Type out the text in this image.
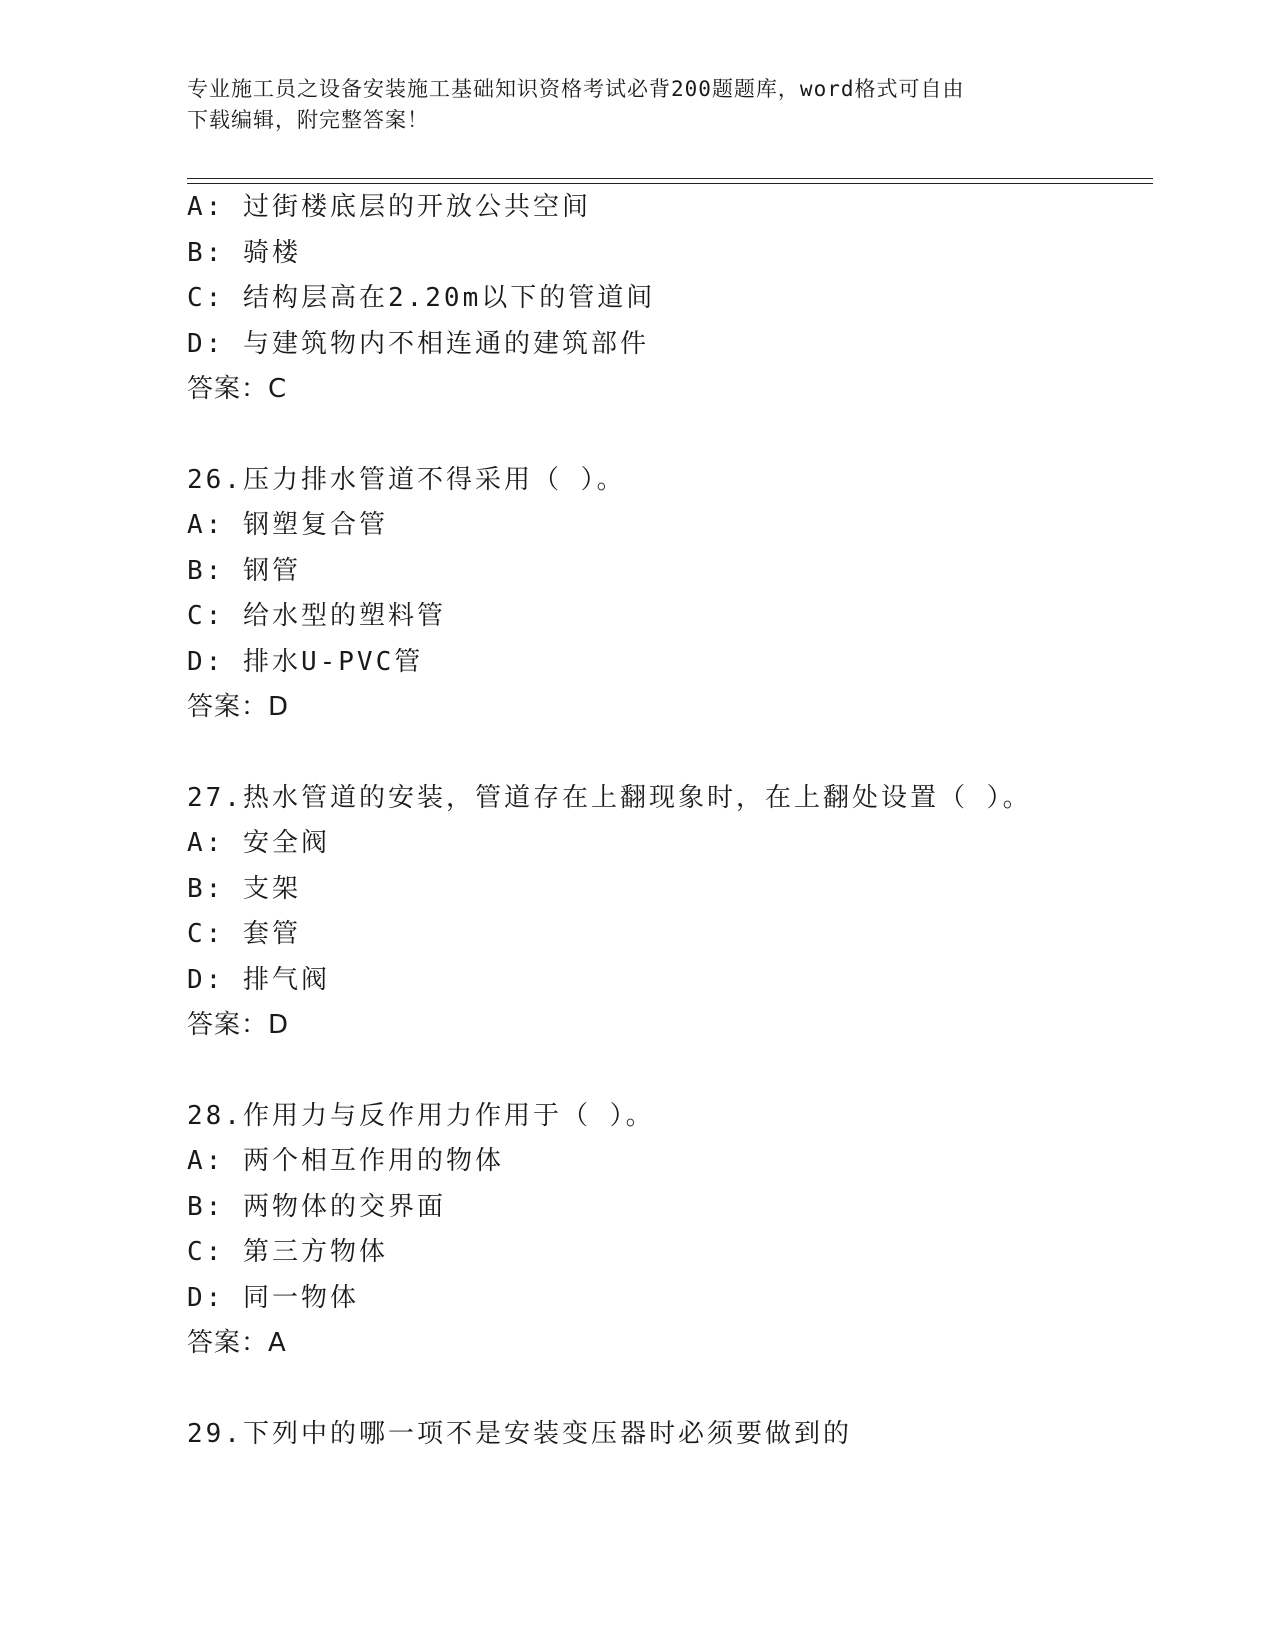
专业施工员之设备安装施工基础知识资格考试必背200题题库，word格式可自由
下载编辑，附完整答案！
A: 过街楼底层的开放公共空间
B: 骑楼
C: 结构层高在2.20m以下的管道间
D: 与建筑物内不相连通的建筑部件
答案：C
26.压力排水管道不得采用（ ）。
A: 钢塑复合管
B: 钢管
C: 给水型的塑料管
D: 排水U-PVC管
答案：D
27.热水管道的安装，管道存在上翻现象时，在上翻处设置（ ）。
A: 安全阀
B: 支架
C: 套管
D: 排气阀
答案：D
28.作用力与反作用力作用于（ ）。
A: 两个相互作用的物体
B: 两物体的交界面
C: 第三方物体
D: 同一物体
答案：A
29.下列中的哪一项不是安装变压器时必须要做到的
